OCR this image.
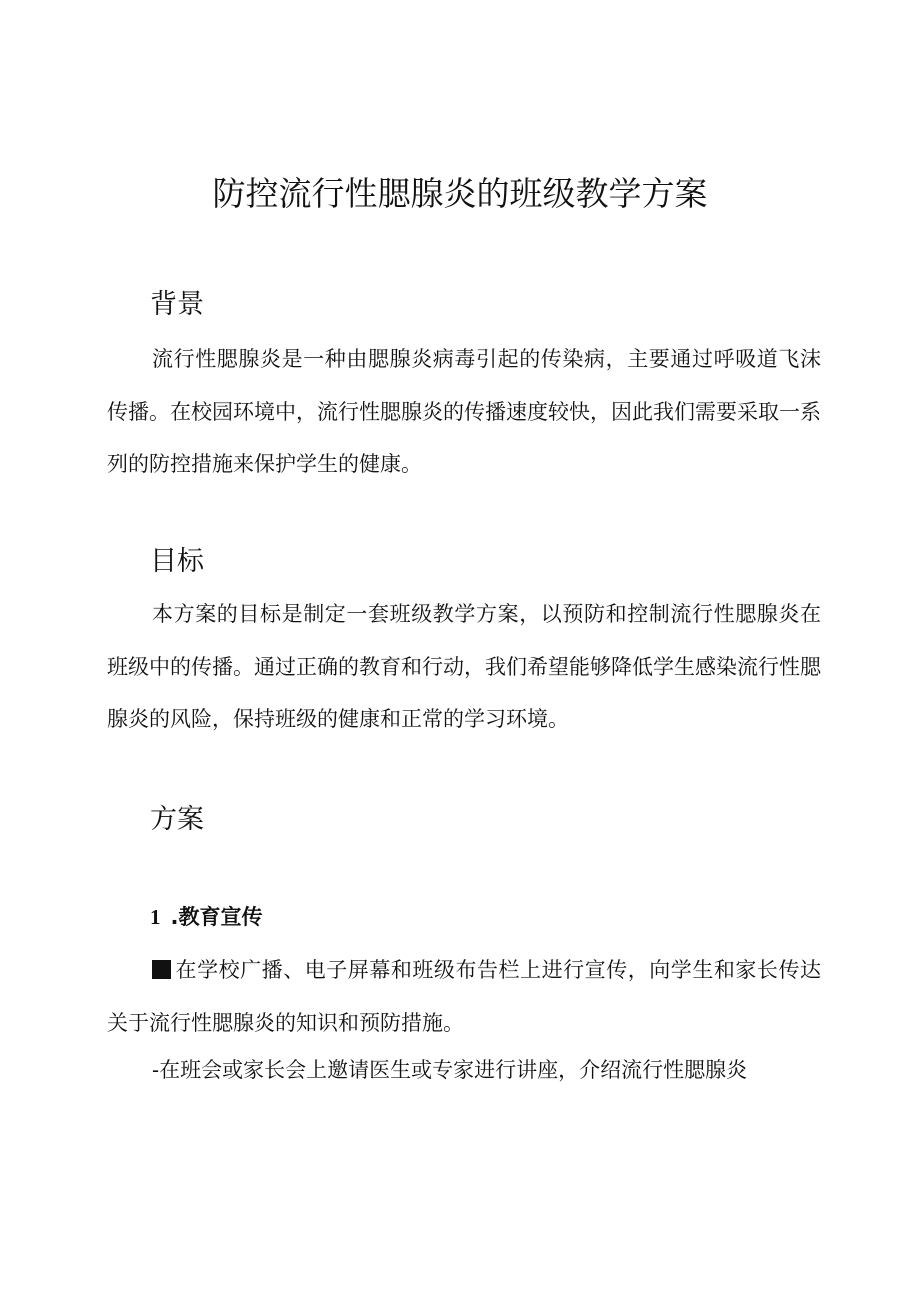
防控流行性腮腺炎的班级教学方案
背景

流行性腮腺炎是一种由腮腺炎病毒引起的传染病，主要通过呼吸道飞沫传播。在校园环境中，流行性腮腺炎的传播速度较快，因此我们需要采取一系列的防控措施来保护学生的健康。

目标

本方案的目标是制定一套班级教学方案，以预防和控制流行性腮腺炎在班级中的传播。通过正确的教育和行动，我们希望能够降低学生感染流行性腮腺炎的风险，保持班级的健康和正常的学习环境。

方案
1 .教育宣传

在学校广播、电子屏幕和班级布告栏上进行宣传，向学生和家长传达关于流行性腮腺炎的知识和预防措施。

-在班会或家长会上邀请医生或专家进行讲座，介绍流行性腮腺炎
